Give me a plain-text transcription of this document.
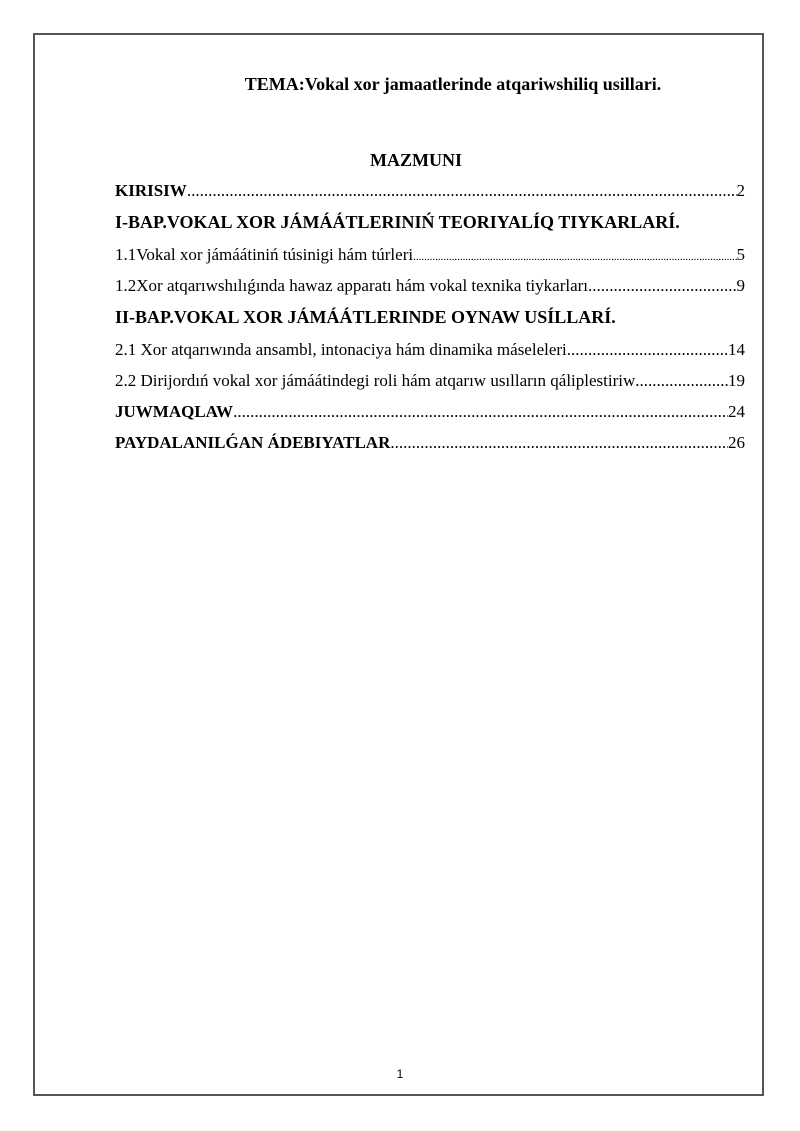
TEMA:Vokal xor jamaatlerinde atqariwshiliq usillari.
MAZMUNI
KIRISIW .....	2
I-BAP.VOKAL XOR JÁMÁÁTLERINIŃ TEORIYALÍQ TIYKARLARÍ.
1.1Vokal xor jámáátiniń túsinigi hám túrleri .....	5
1.2Xor atqarıwshılıǵında hawaz apparatı hám vokal texnika tiykarları .....	9
II-BAP.VOKAL XOR JÁMÁÁTLERINDE OYNAW USÍLLARÍ.
2.1 Xor atqarıwında ansambl, intonaciya hám dinamika máseleleri .....	14
2.2 Dirijordıń vokal xor jámáátindegi roli hám atqarıw usılların qáliplestiriw .....	19
JUWMAQLAW .....	24
PAYDALANILǴAN ÁDEBIYATLAR .....	26
1
